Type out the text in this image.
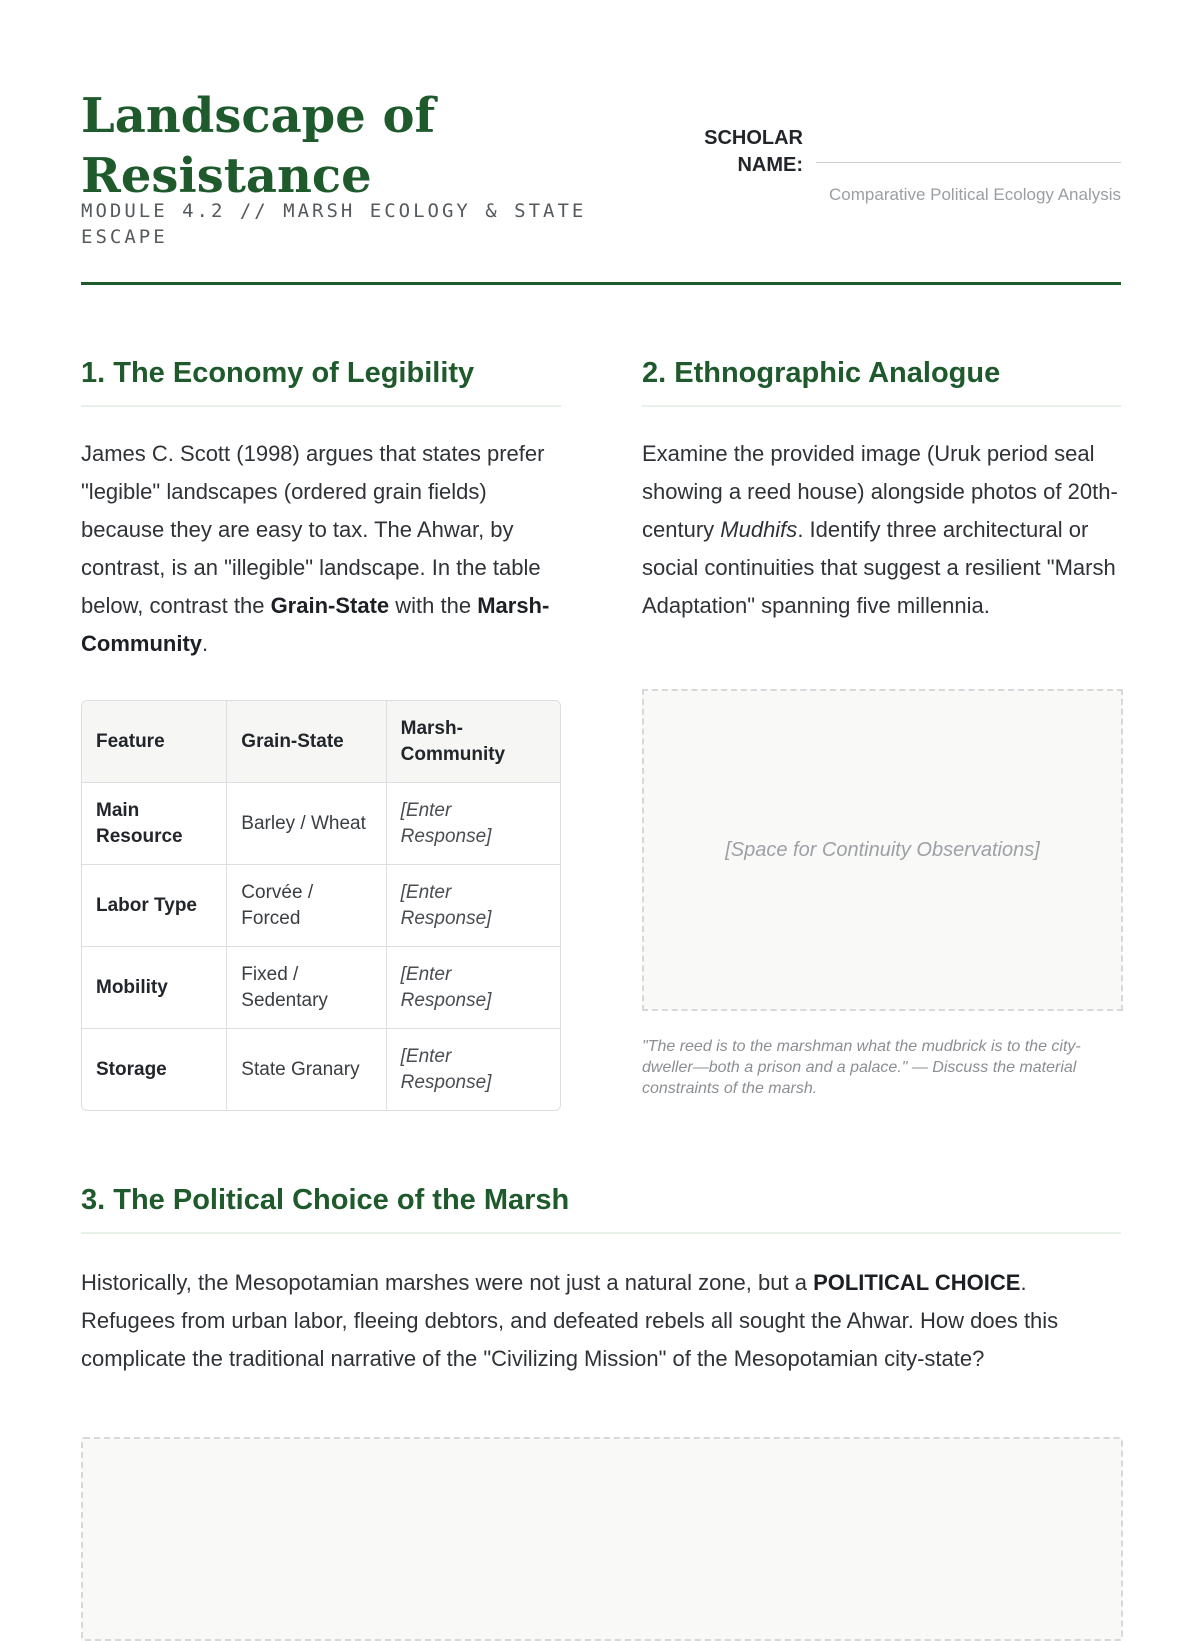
Landscape of Resistance
MODULE 4.2 // MARSH ECOLOGY & STATE ESCAPE
SCHOLAR NAME:
Comparative Political Ecology Analysis
1. The Economy of Legibility

James C. Scott (1998) argues that states prefer "legible" landscapes (ordered grain fields) because they are easy to tax. The Ahwar, by contrast, is an "illegible" landscape. In the table below, contrast the Grain-State with the Marsh-Community.

Feature	Grain-State	Marsh-Community
Main Resource	Barley / Wheat	[Enter Response]
Labor Type	Corvée / Forced	[Enter Response]
Mobility	Fixed / Sedentary	[Enter Response]
Storage	State Granary	[Enter Response]
2. Ethnographic Analogue

Examine the provided image (Uruk period seal showing a reed house) alongside photos of 20th-century Mudhifs. Identify three architectural or social continuities that suggest a resilient "Marsh Adaptation" spanning five millennia.

[Space for Continuity Observations]
"The reed is to the marshman what the mudbrick is to the city-dweller—both a prison and a palace." — Discuss the material constraints of the marsh.
3. The Political Choice of the Marsh

Historically, the Mesopotamian marshes were not just a natural zone, but a POLITICAL CHOICE. Refugees from urban labor, fleeing debtors, and defeated rebels all sought the Ahwar. How does this complicate the traditional narrative of the "Civilizing Mission" of the Mesopotamian city-state?
